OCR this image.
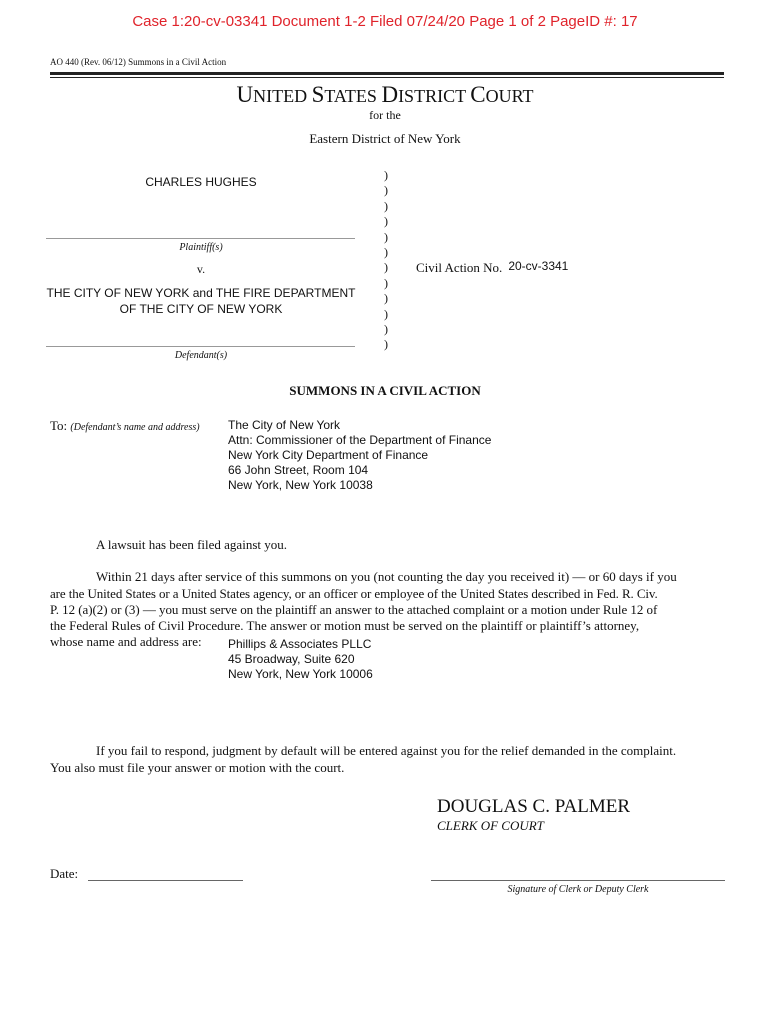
Case 1:20-cv-03341 Document 1-2 Filed 07/24/20 Page 1 of 2 PageID #: 17
AO 440 (Rev. 06/12) Summons in a Civil Action
UNITED STATES DISTRICT COURT
for the
Eastern District of New York
CHARLES HUGHES
Plaintiff(s)
v.
THE CITY OF NEW YORK and THE FIRE DEPARTMENT OF THE CITY OF NEW YORK
Defendant(s)
)
)
)
)
)
)
)
)
)
)
)
)
Civil Action No. 20-cv-3341
SUMMONS IN A CIVIL ACTION
To: (Defendant’s name and address) The City of New York
Attn: Commissioner of the Department of Finance
New York City Department of Finance
66 John Street, Room 104
New York, New York 10038
A lawsuit has been filed against you.
Within 21 days after service of this summons on you (not counting the day you received it) — or 60 days if you
are the United States or a United States agency, or an officer or employee of the United States described in Fed. R. Civ.
P. 12 (a)(2) or (3) — you must serve on the plaintiff an answer to the attached complaint or a motion under Rule 12 of
the Federal Rules of Civil Procedure. The answer or motion must be served on the plaintiff or plaintiff’s attorney,
whose name and address are: Phillips & Associates PLLC
45 Broadway, Suite 620
New York, New York 10006
If you fail to respond, judgment by default will be entered against you for the relief demanded in the complaint.
You also must file your answer or motion with the court.
DOUGLAS C. PALMER
CLERK OF COURT
Date:
Signature of Clerk or Deputy Clerk
